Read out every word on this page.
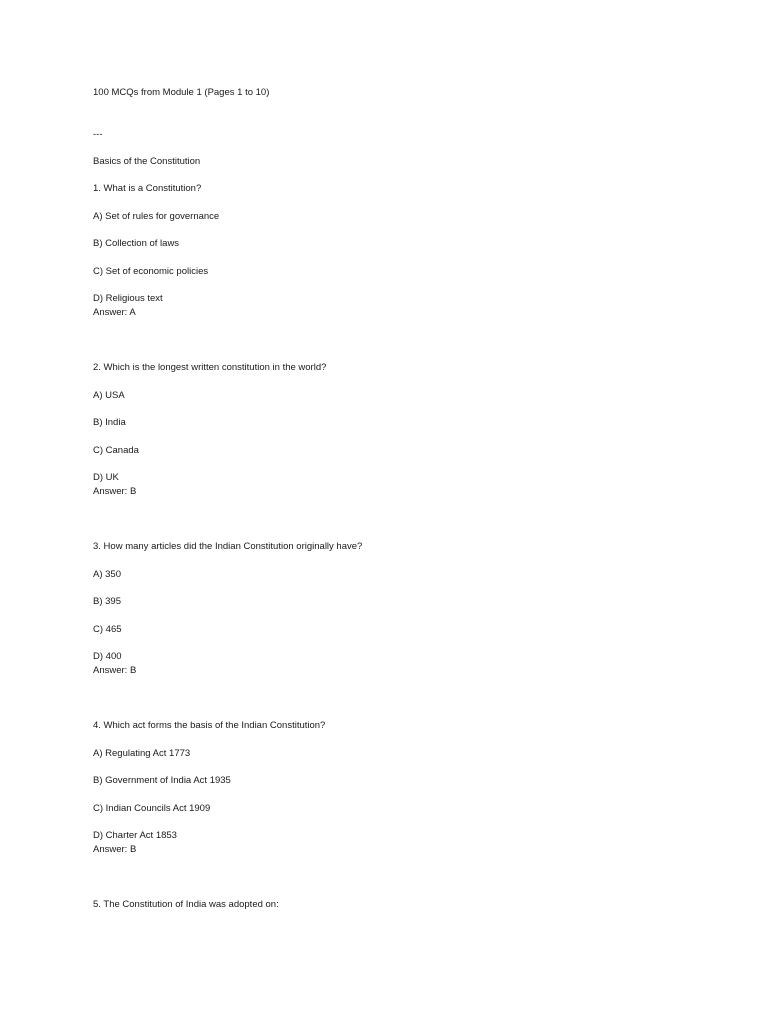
100 MCQs from Module 1 (Pages 1 to 10)
---
Basics of the Constitution
1. What is a Constitution?
A) Set of rules for governance
B) Collection of laws
C) Set of economic policies
D) Religious text
Answer: A
2. Which is the longest written constitution in the world?
A) USA
B) India
C) Canada
D) UK
Answer: B
3. How many articles did the Indian Constitution originally have?
A) 350
B) 395
C) 465
D) 400
Answer: B
4. Which act forms the basis of the Indian Constitution?
A) Regulating Act 1773
B) Government of India Act 1935
C) Indian Councils Act 1909
D) Charter Act 1853
Answer: B
5. The Constitution of India was adopted on:
